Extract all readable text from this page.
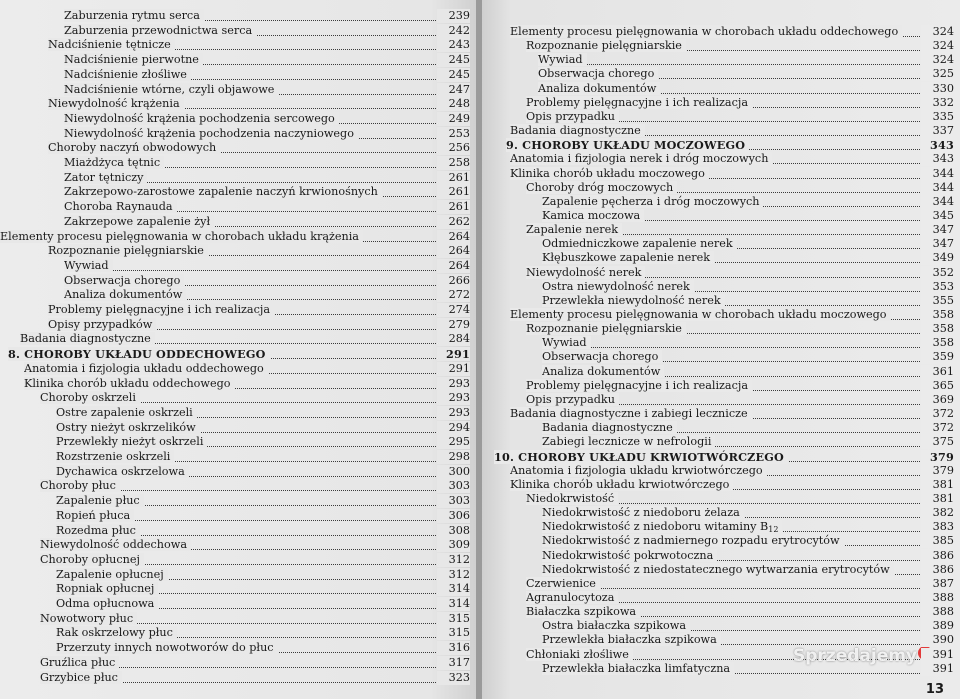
Zaburzenia rytmu serca	239
Zaburzenia przewodnictwa serca	242
Nadciśnienie tętnicze	243
Nadciśnienie pierwotne	245
Nadciśnienie złośliwe	245
Nadciśnienie wtórne, czyli objawowe	247
Niewydolność krążenia	248
Niewydolność krążenia pochodzenia sercowego	249
Niewydolność krążenia pochodzenia naczyniowego	253
Choroby naczyń obwodowych	256
Miażdżyca tętnic	258
Zator tętniczy	261
Zakrzepowo-zarostowe zapalenie naczyń krwionośnych	261
Choroba Raynauda	261
Zakrzepowe zapalenie żył	262
Elementy procesu pielęgnowania w chorobach układu krążenia	264
Rozpoznanie pielęgniarskie	264
Wywiad	264
Obserwacja chorego	266
Analiza dokumentów	272
Problemy pielęgnacyjne i ich realizacja	274
Opisy przypadków	279
Badania diagnostyczne	284
8. CHOROBY UKŁADU ODDECHOWEGO	291
Anatomia i fizjologia układu oddechowego	291
Klinika chorób układu oddechowego	293
Choroby oskrzeli	293
Ostre zapalenie oskrzeli	293
Ostry nieżyt oskrzelików	294
Przewlekły nieżyt oskrzeli	295
Rozstrzenie oskrzeli	298
Dychawica oskrzelowa	300
Choroby płuc	303
Zapalenie płuc	303
Ropień płuca	306
Rozedma płuc	308
Niewydolność oddechowa	309
Choroby opłucnej	312
Zapalenie opłucnej	312
Ropniak opłucnej	314
Odma opłucnowa	314
Nowotwory płuc	315
Rak oskrzelowy płuc	315
Przerzuty innych nowotworów do płuc	316
Gruźlica płuc	317
Grzybice płuc	323
Elementy procesu pielęgnowania w chorobach układu oddechowego	324
Rozpoznanie pielęgniarskie	324
Wywiad	324
Obserwacja chorego	325
Analiza dokumentów	330
Problemy pielęgnacyjne i ich realizacja	332
Opis przypadku	335
Badania diagnostyczne	337
9. CHOROBY UKŁADU MOCZOWEGO	343
Anatomia i fizjologia nerek i dróg moczowych	343
Klinika chorób układu moczowego	344
Choroby dróg moczowych	344
Zapalenie pęcherza i dróg moczowych	344
Kamica moczowa	345
Zapalenie nerek	347
Odmiedniczkowe zapalenie nerek	347
Kłębuszkowe zapalenie nerek	349
Niewydolność nerek	352
Ostra niewydolność nerek	353
Przewlekła niewydolność nerek	355
Elementy procesu pielęgnowania w chorobach układu moczowego	358
Rozpoznanie pielęgniarskie	358
Wywiad	358
Obserwacja chorego	359
Analiza dokumentów	361
Problemy pielęgnacyjne i ich realizacja	365
Opis przypadku	369
Badania diagnostyczne i zabiegi lecznicze	372
Badania diagnostyczne	372
Zabiegi lecznicze w nefrologii	375
10. CHOROBY UKŁADU KRWIOTWÓRCZEGO	379
Anatomia i fizjologia układu krwiotwórczego	379
Klinika chorób układu krwiotwórczego	381
Niedokrwistość	381
Niedokrwistość z niedoboru żelaza	382
Niedokrwistość z niedoboru witaminy $B_{12}$	383
Niedokrwistość z nadmiernego rozpadu erytrocytów	385
Niedokrwistość pokrwotoczna	386
Niedokrwistość z niedostatecznego wytwarzania erytrocytów	386
Czerwienice	387
Agranulocytoza	388
Białaczka szpikowa	388
Ostra białaczka szpikowa	389
Przewlekła białaczka szpikowa	390
Chłoniaki złośliwe	391
Przewlekła białaczka limfatyczna	391
13
Sprzedajemy
